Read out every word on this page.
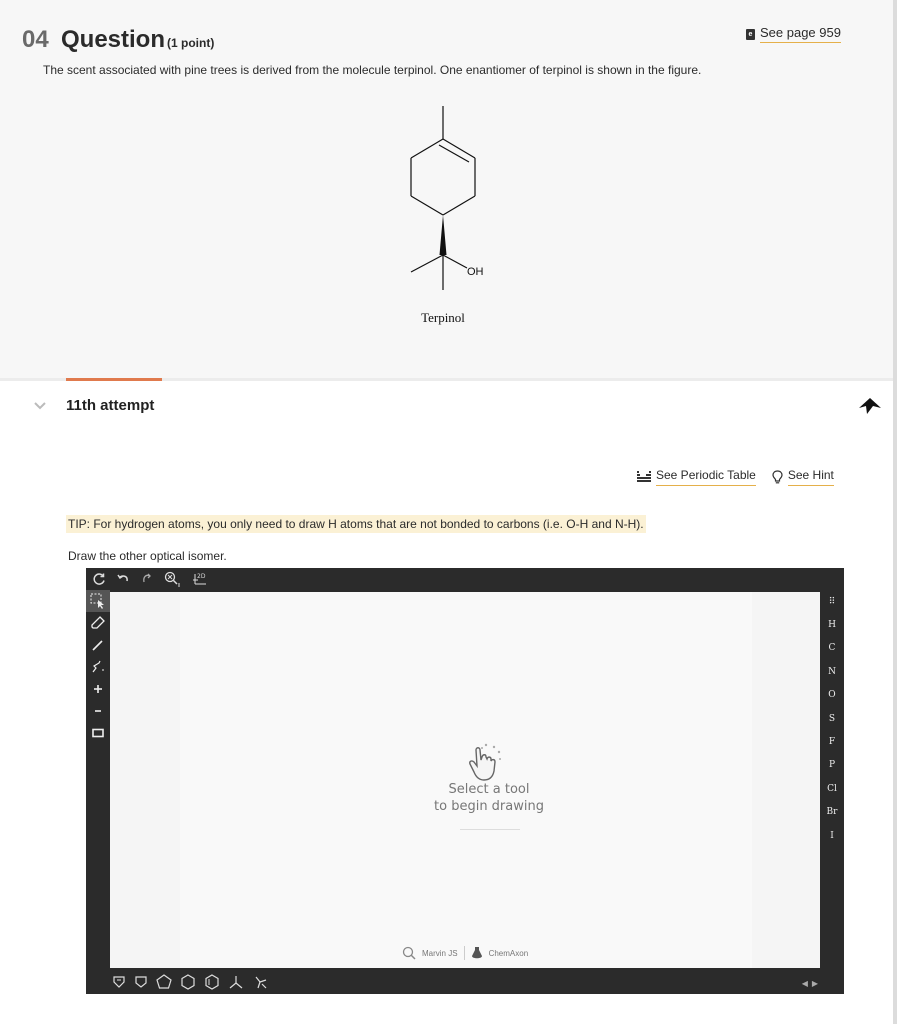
04 Question (1 point)
e See page 959
The scent associated with pine trees is derived from the molecule terpinol. One enantiomer of terpinol is shown in the figure.
OH
Terpinol
11th attempt
See Periodic Table	See Hint
TIP: For hydrogen atoms, you only need to draw H atoms that are not bonded to carbons (i.e. O-H and N-H).
Draw the other optical isomer.
2D
Select a tool
to begin drawing
Marvin JS	ChemAxon
⠿
H
C
N
O
S
F
P
Cl
Br
I
◀ ▶
